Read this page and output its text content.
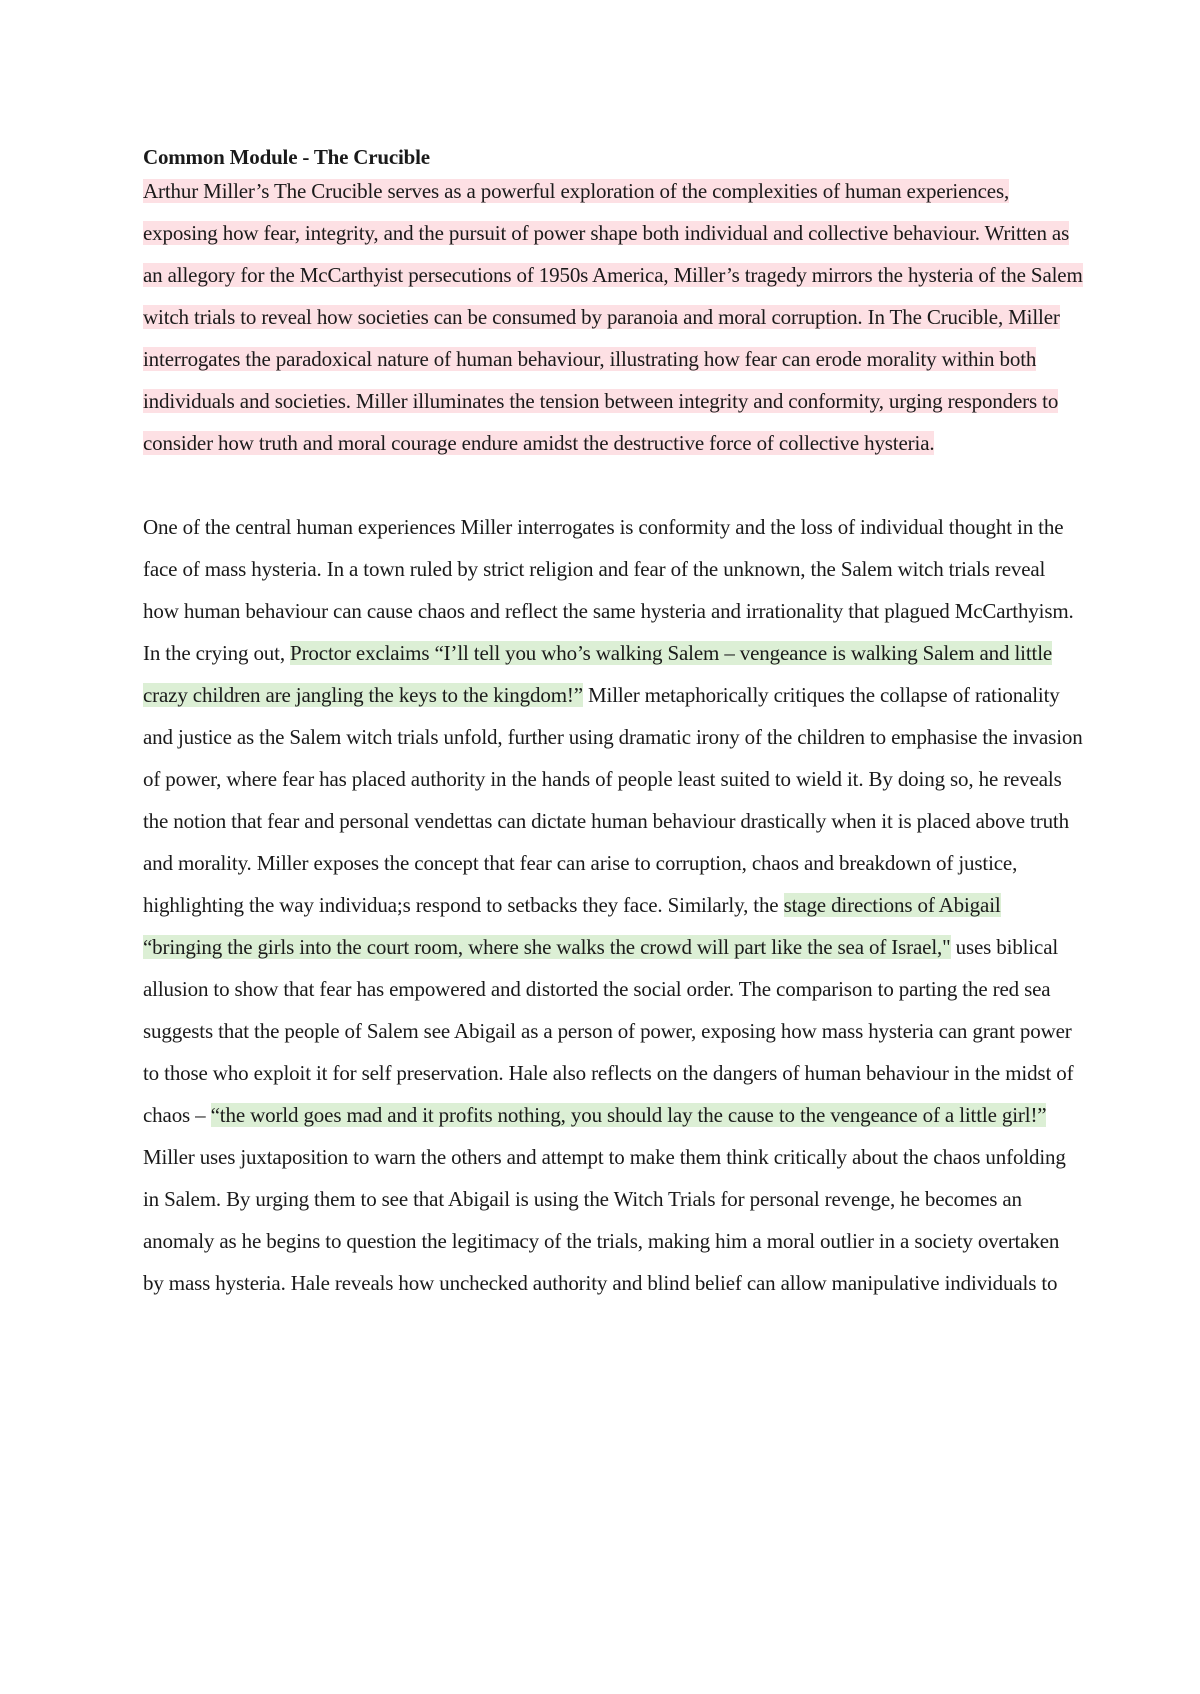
Common Module - The Crucible

Arthur Miller’s The Crucible serves as a powerful exploration of the complexities of human experiences, exposing how fear, integrity, and the pursuit of power shape both individual and collective behaviour. Written as an allegory for the McCarthyist persecutions of 1950s America, Miller’s tragedy mirrors the hysteria of the Salem witch trials to reveal how societies can be consumed by paranoia and moral corruption. In The Crucible, Miller interrogates the paradoxical nature of human behaviour, illustrating how fear can erode morality within both individuals and societies. Miller illuminates the tension between integrity and conformity, urging responders to consider how truth and moral courage endure amidst the destructive force of collective hysteria.

One of the central human experiences Miller interrogates is conformity and the loss of individual thought in the face of mass hysteria. In a town ruled by strict religion and fear of the unknown, the Salem witch trials reveal how human behaviour can cause chaos and reflect the same hysteria and irrationality that plagued McCarthyism. In the crying out, Proctor exclaims “I’ll tell you who’s walking Salem – vengeance is walking Salem and little crazy children are jangling the keys to the kingdom!” Miller metaphorically critiques the collapse of rationality and justice as the Salem witch trials unfold, further using dramatic irony of the children to emphasise the invasion of power, where fear has placed authority in the hands of people least suited to wield it. By doing so, he reveals the notion that fear and personal vendettas can dictate human behaviour drastically when it is placed above truth and morality. Miller exposes the concept that fear can arise to corruption, chaos and breakdown of justice, highlighting the way individua;s respond to setbacks they face. Similarly, the stage directions of Abigail “bringing the girls into the court room, where she walks the crowd will part like the sea of Israel," uses biblical allusion to show that fear has empowered and distorted the social order. The comparison to parting the red sea suggests that the people of Salem see Abigail as a person of power, exposing how mass hysteria can grant power to those who exploit it for self preservation. Hale also reflects on the dangers of human behaviour in the midst of chaos – “the world goes mad and it profits nothing, you should lay the cause to the vengeance of a little girl!” Miller uses juxtaposition to warn the others and attempt to make them think critically about the chaos unfolding in Salem. By urging them to see that Abigail is using the Witch Trials for personal revenge, he becomes an anomaly as he begins to question the legitimacy of the trials, making him a moral outlier in a society overtaken by mass hysteria. Hale reveals how unchecked authority and blind belief can allow manipulative individuals to
